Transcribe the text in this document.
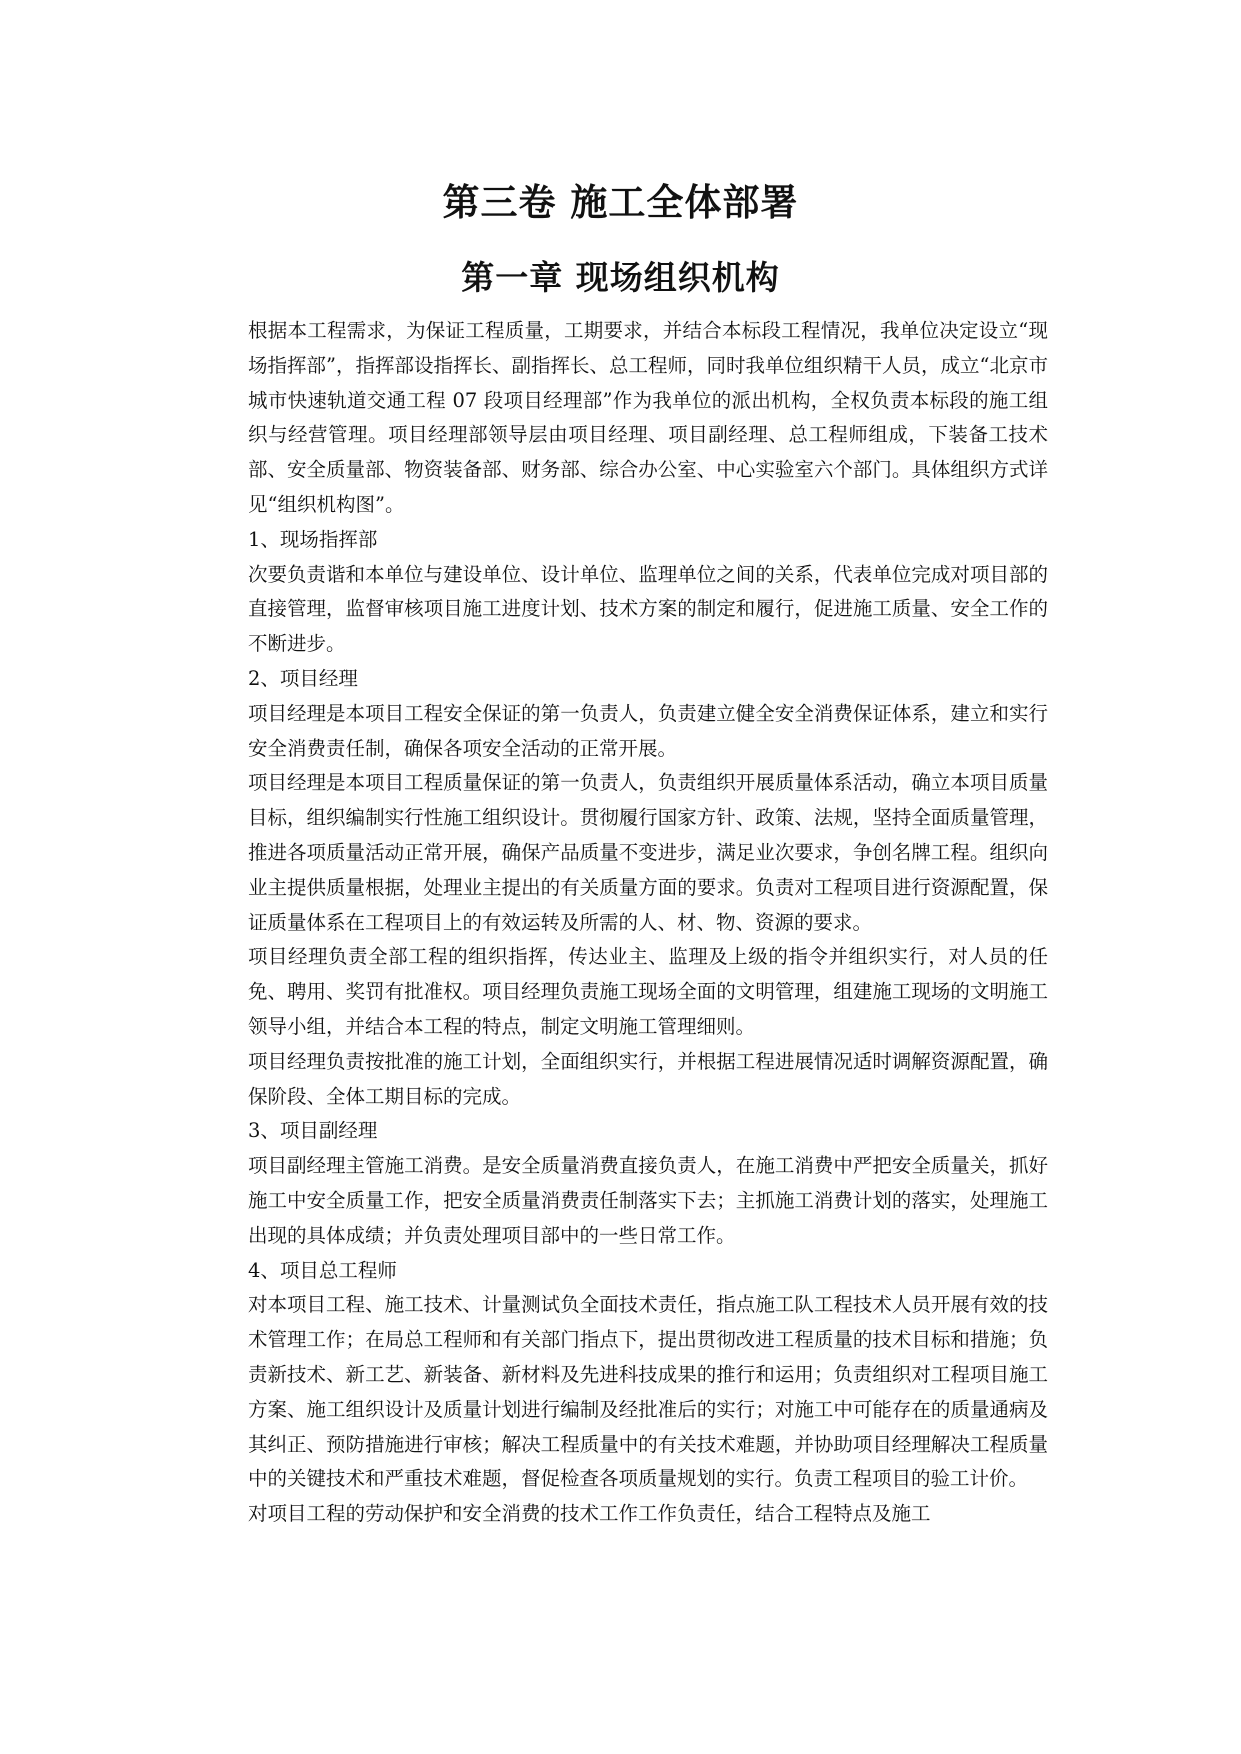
第三卷 施工全体部署
第一章 现场组织机构

根据本工程需求，为保证工程质量，工期要求，并结合本标段工程情况，我单位决定设立“现场指挥部”，指挥部设指挥长、副指挥长、总工程师，同时我单位组织精干人员，成立“北京市城市快速轨道交通工程 07 段项目经理部”作为我单位的派出机构，全权负责本标段的施工组织与经营管理。项目经理部领导层由项目经理、项目副经理、总工程师组成，下装备工技术部、安全质量部、物资装备部、财务部、综合办公室、中心实验室六个部门。具体组织方式详见“组织机构图”。

1、现场指挥部

次要负责谐和本单位与建设单位、设计单位、监理单位之间的关系，代表单位完成对项目部的直接管理，监督审核项目施工进度计划、技术方案的制定和履行，促进施工质量、安全工作的不断进步。

2、项目经理

项目经理是本项目工程安全保证的第一负责人，负责建立健全安全消费保证体系，建立和实行安全消费责任制，确保各项安全活动的正常开展。

项目经理是本项目工程质量保证的第一负责人，负责组织开展质量体系活动，确立本项目质量目标，组织编制实行性施工组织设计。贯彻履行国家方针、政策、法规，坚持全面质量管理，推进各项质量活动正常开展，确保产品质量不变进步，满足业次要求，争创名牌工程。组织向业主提供质量根据，处理业主提出的有关质量方面的要求。负责对工程项目进行资源配置，保证质量体系在工程项目上的有效运转及所需的人、材、物、资源的要求。

项目经理负责全部工程的组织指挥，传达业主、监理及上级的指令并组织实行，对人员的任免、聘用、奖罚有批准权。项目经理负责施工现场全面的文明管理，组建施工现场的文明施工领导小组，并结合本工程的特点，制定文明施工管理细则。

项目经理负责按批准的施工计划，全面组织实行，并根据工程进展情况适时调解资源配置，确保阶段、全体工期目标的完成。

3、项目副经理

项目副经理主管施工消费。是安全质量消费直接负责人，在施工消费中严把安全质量关，抓好施工中安全质量工作，把安全质量消费责任制落实下去；主抓施工消费计划的落实，处理施工出现的具体成绩；并负责处理项目部中的一些日常工作。

4、项目总工程师

对本项目工程、施工技术、计量测试负全面技术责任，指点施工队工程技术人员开展有效的技术管理工作；在局总工程师和有关部门指点下，提出贯彻改进工程质量的技术目标和措施；负责新技术、新工艺、新装备、新材料及先进科技成果的推行和运用；负责组织对工程项目施工方案、施工组织设计及质量计划进行编制及经批准后的实行；对施工中可能存在的质量通病及其纠正、预防措施进行审核；解决工程质量中的有关技术难题，并协助项目经理解决工程质量中的关键技术和严重技术难题，督促检查各项质量规划的实行。负责工程项目的验工计价。

对项目工程的劳动保护和安全消费的技术工作工作负责任，结合工程特点及施工
